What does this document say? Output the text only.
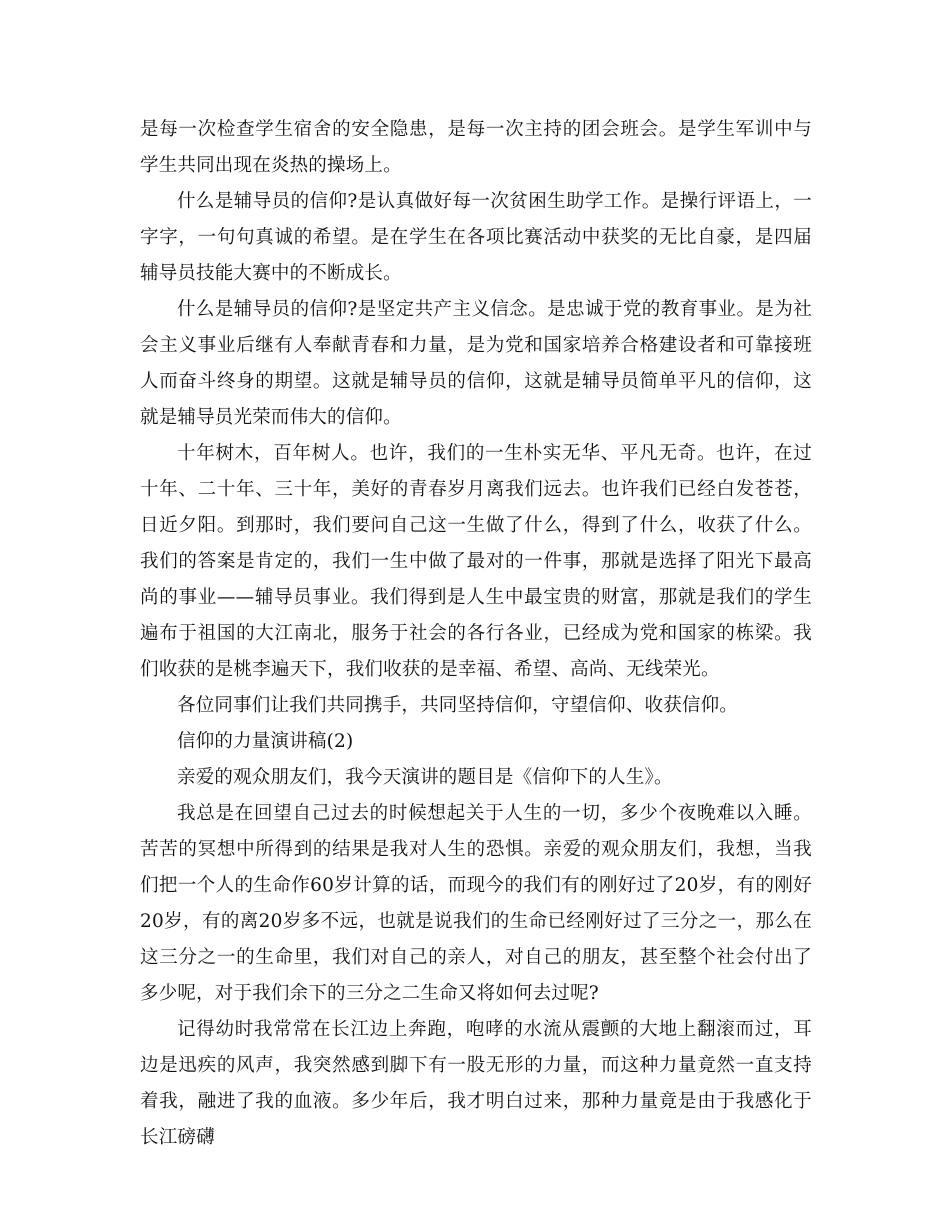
是每一次检查学生宿舍的安全隐患，是每一次主持的团会班会。是学生军训中与学生共同出现在炎热的操场上。

什么是辅导员的信仰?是认真做好每一次贫困生助学工作。是操行评语上，一字字，一句句真诚的希望。是在学生在各项比赛活动中获奖的无比自豪，是四届辅导员技能大赛中的不断成长。

什么是辅导员的信仰?是坚定共产主义信念。是忠诚于党的教育事业。是为社会主义事业后继有人奉献青春和力量，是为党和国家培养合格建设者和可靠接班人而奋斗终身的期望。这就是辅导员的信仰，这就是辅导员简单平凡的信仰，这就是辅导员光荣而伟大的信仰。

十年树木，百年树人。也许，我们的一生朴实无华、平凡无奇。也许，在过十年、二十年、三十年，美好的青春岁月离我们远去。也许我们已经白发苍苍，日近夕阳。到那时，我们要问自己这一生做了什么，得到了什么，收获了什么。我们的答案是肯定的，我们一生中做了最对的一件事，那就是选择了阳光下最高尚的事业——辅导员事业。我们得到是人生中最宝贵的财富，那就是我们的学生遍布于祖国的大江南北，服务于社会的各行各业，已经成为党和国家的栋梁。我们收获的是桃李遍天下，我们收获的是幸福、希望、高尚、无线荣光。

各位同事们让我们共同携手，共同坚持信仰，守望信仰、收获信仰。

信仰的力量演讲稿(2)

亲爱的观众朋友们，我今天演讲的题目是《信仰下的人生》。

我总是在回望自己过去的时候想起关于人生的一切，多少个夜晚难以入睡。苦苦的冥想中所得到的结果是我对人生的恐惧。亲爱的观众朋友们，我想，当我们把一个人的生命作60岁计算的话，而现今的我们有的刚好过了20岁，有的刚好20岁，有的离20岁多不远，也就是说我们的生命已经刚好过了三分之一，那么在这三分之一的生命里，我们对自己的亲人，对自己的朋友，甚至整个社会付出了多少呢，对于我们余下的三分之二生命又将如何去过呢?

记得幼时我常常在长江边上奔跑，咆哮的水流从震颤的大地上翻滚而过，耳边是迅疾的风声，我突然感到脚下有一股无形的力量，而这种力量竟然一直支持着我，融进了我的血液。多少年后，我才明白过来，那种力量竟是由于我感化于长江磅礴
